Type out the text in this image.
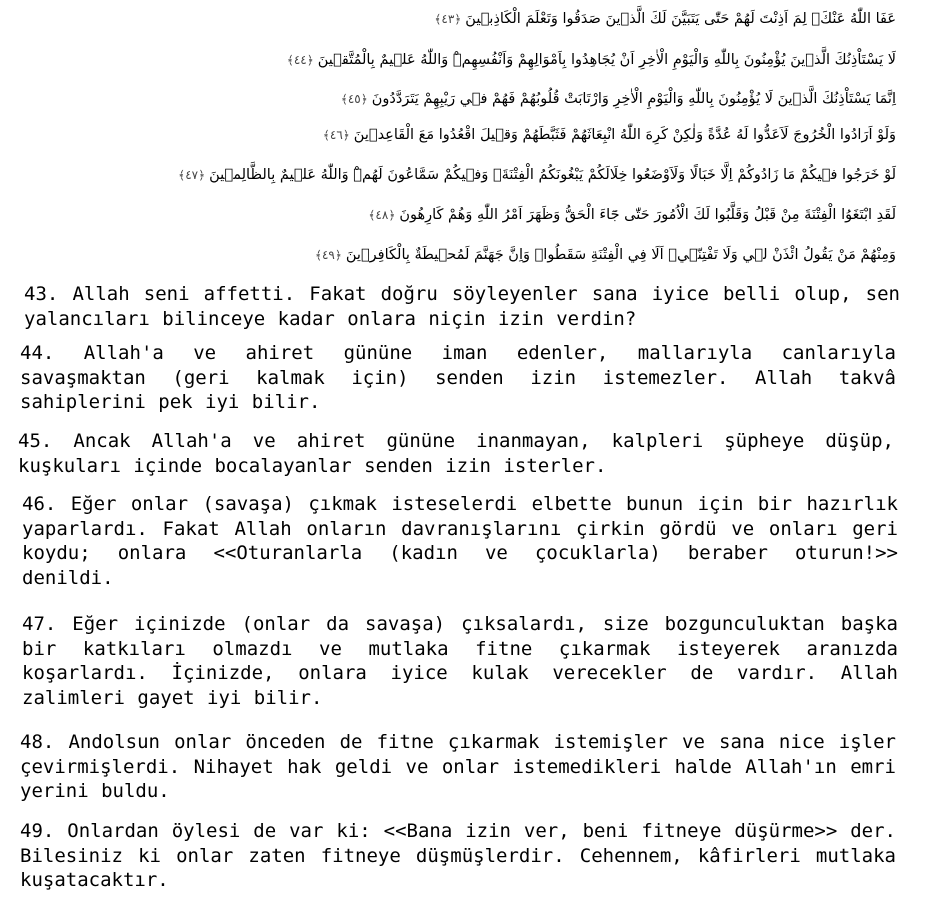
عَفَا اللّٰهُ عَنْكَۚ لِمَ اَذِنْتَ لَهُمْ حَتّٰى يَتَبَيَّنَ لَكَ الَّذ۪ينَ صَدَقُوا وَتَعْلَمَ الْكَاذِب۪ينَ﴿٤٣﴾
لَا يَسْتَاْذِنُكَ الَّذ۪ينَ يُؤْمِنُونَ بِاللّٰهِ وَالْيَوْمِ الْاٰخِرِ اَنْ يُجَاهِدُوا بِاَمْوَالِهِمْ وَاَنْفُسِهِمْۜ وَاللّٰهُ عَل۪يمٌ بِالْمُتَّق۪ينَ﴿٤٤﴾
اِنَّمَا يَسْتَاْذِنُكَ الَّذ۪ينَ لَا يُؤْمِنُونَ بِاللّٰهِ وَالْيَوْمِ الْاٰخِرِ وَارْتَابَتْ قُلُوبُهُمْ فَهُمْ ف۪ي رَيْبِهِمْ يَتَرَدَّدُونَ﴿٤٥﴾
وَلَوْ اَرَادُوا الْخُرُوجَ لَاَعَدُّوا لَهُ عُدَّةً وَلٰكِنْ كَرِهَ اللّٰهُ انْبِعَاثَهُمْ فَثَبَّطَهُمْ وَق۪يلَ اقْعُدُوا مَعَ الْقَاعِد۪ينَ﴿٤٦﴾
لَوْ خَرَجُوا ف۪يكُمْ مَا زَادُوكُمْ اِلَّا خَبَالًا وَلَاَوْضَعُوا خِلَالَكُمْ يَبْغُونَكُمُ الْفِتْنَةَۚ وَف۪يكُمْ سَمَّاعُونَ لَهُمْۜ وَاللّٰهُ عَل۪يمٌ بِالظَّالِم۪ينَ﴿٤٧﴾
لَقَدِ ابْتَغَوُا الْفِتْنَةَ مِنْ قَبْلُ وَقَلَّبُوا لَكَ الْاُمُورَ حَتّٰى جَٓاءَ الْحَقُّ وَظَهَرَ اَمْرُ اللّٰهِ وَهُمْ كَارِهُونَ﴿٤٨﴾
وَمِنْهُمْ مَنْ يَقُولُ ائْذَنْ ل۪ي وَلَا تَفْتِنّ۪يۜ اَلَا فِي الْفِتْنَةِ سَقَطُواۜ وَاِنَّ جَهَنَّمَ لَمُح۪يطَةٌ بِالْكَافِر۪ينَ﴿٤٩﴾
43. Allah seni affetti. Fakat doğru söyleyenler sana iyice belli olup, sen yalancıları bilinceye kadar onlara niçin izin verdin?
44. Allah'a ve ahiret gününe iman edenler, mallarıyla canlarıyla savaşmaktan (geri kalmak için) senden izin istemezler. Allah takvâ sahiplerini pek iyi bilir.
45. Ancak Allah'a ve ahiret gününe inanmayan, kalpleri şüpheye düşüp, kuşkuları içinde bocalayanlar senden izin isterler.
46. Eğer onlar (savaşa) çıkmak isteselerdi elbette bunun için bir hazırlık yaparlardı. Fakat Allah onların davranışlarını çirkin gördü ve onları geri koydu; onlara <<Oturanlarla (kadın ve çocuklarla) beraber oturun!>> denildi.
47. Eğer içinizde (onlar da savaşa) çıksalardı, size bozgunculuktan başka bir katkıları olmazdı ve mutlaka fitne çıkarmak isteyerek aranızda koşarlardı. İçinizde, onlara iyice kulak verecekler de vardır. Allah zalimleri gayet iyi bilir.
48. Andolsun onlar önceden de fitne çıkarmak istemişler ve sana nice işler çevirmişlerdi. Nihayet hak geldi ve onlar istemedikleri halde Allah'ın emri yerini buldu.
49. Onlardan öylesi de var ki: <<Bana izin ver, beni fitneye düşürme>> der. Bilesiniz ki onlar zaten fitneye düşmüşlerdir. Cehennem, kâfirleri mutlaka kuşatacaktır.
